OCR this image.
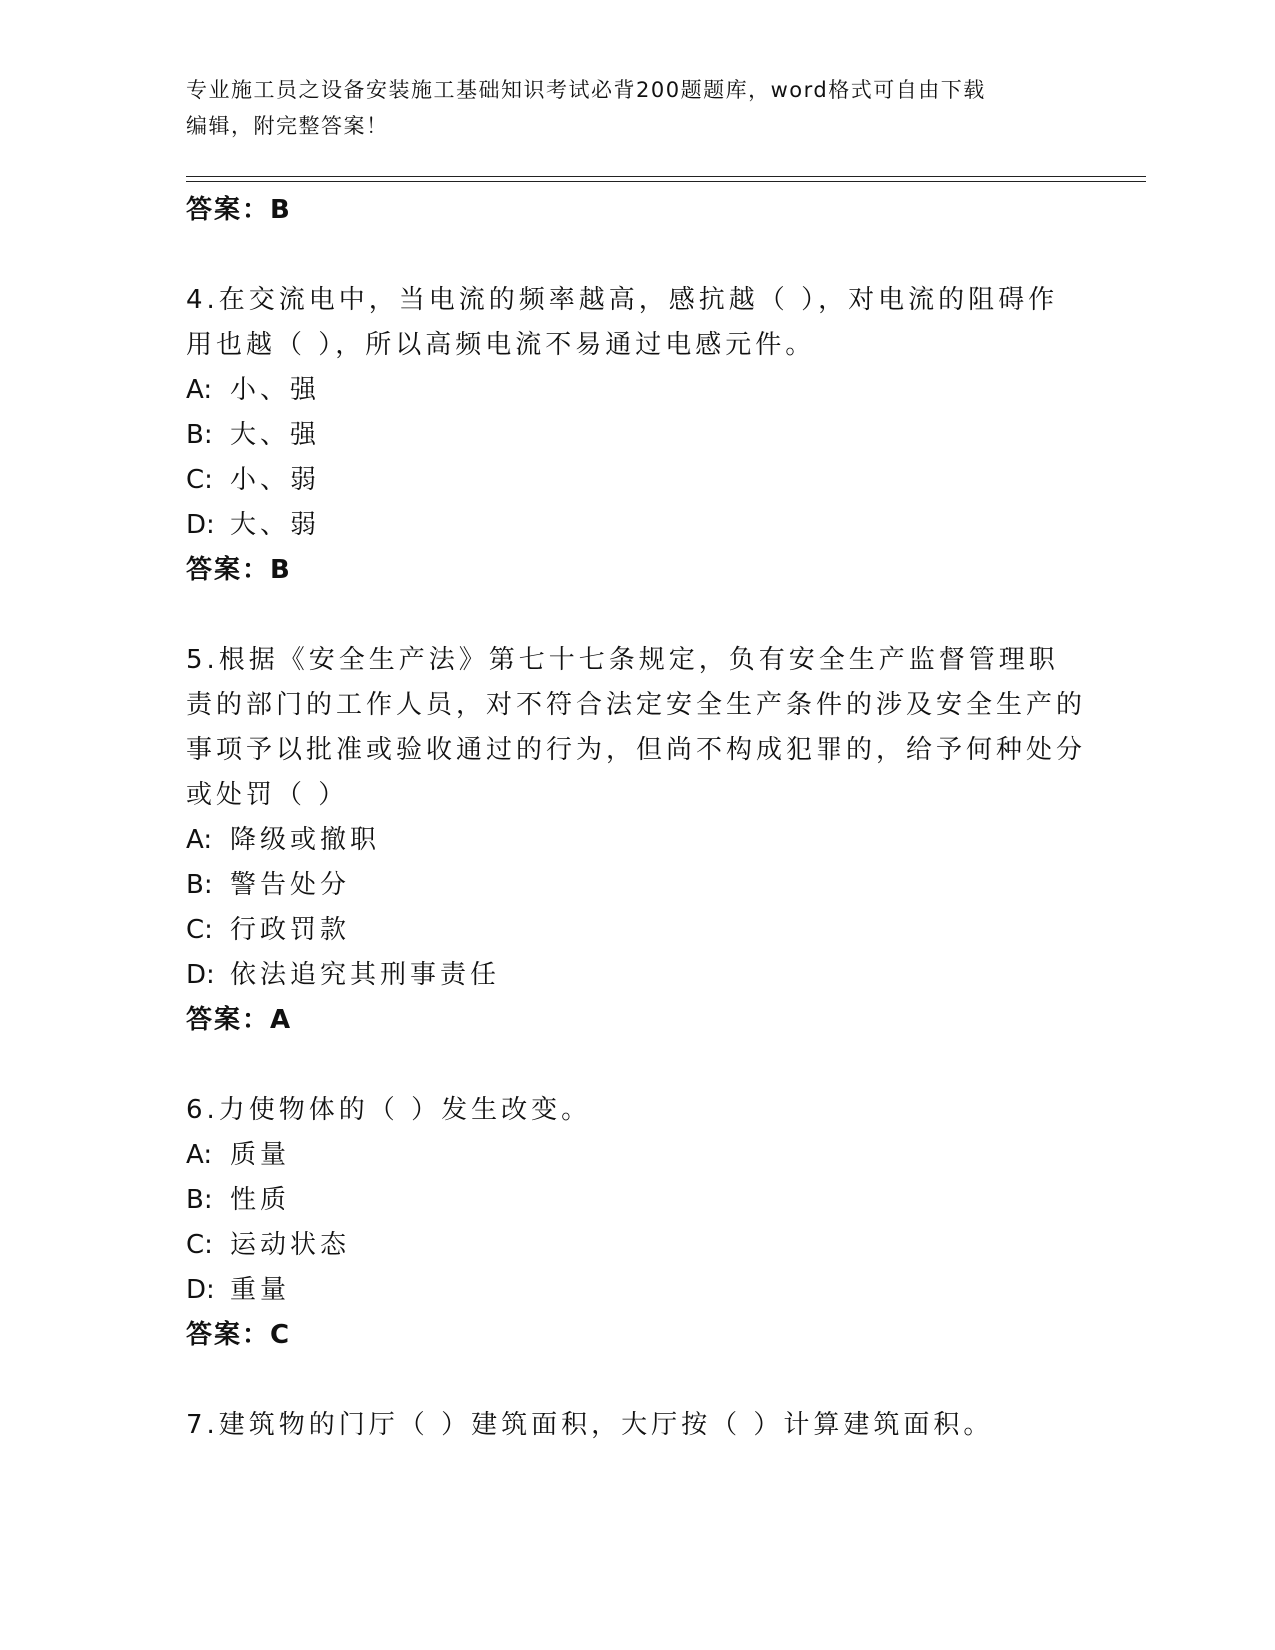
专业施工员之设备安装施工基础知识考试必背200题题库，word格式可自由下载
编辑，附完整答案！
答案：B

4.在交流电中，当电流的频率越高，感抗越（ ），对电流的阻碍作用也越（ ），所以高频电流不易通过电感元件。

A: 小、强

B: 大、强

C: 小、弱

D: 大、弱

答案：B

5.根据《安全生产法》第七十七条规定，负有安全生产监督管理职责的部门的工作人员，对不符合法定安全生产条件的涉及安全生产的事项予以批准或验收通过的行为，但尚不构成犯罪的，给予何种处分或处罚（ ）

A: 降级或撤职

B: 警告处分

C: 行政罚款

D: 依法追究其刑事责任

答案：A

6.力使物体的（ ）发生改变。

A: 质量

B: 性质

C: 运动状态

D: 重量

答案：C

7.建筑物的门厅（ ）建筑面积，大厅按（ ）计算建筑面积。
